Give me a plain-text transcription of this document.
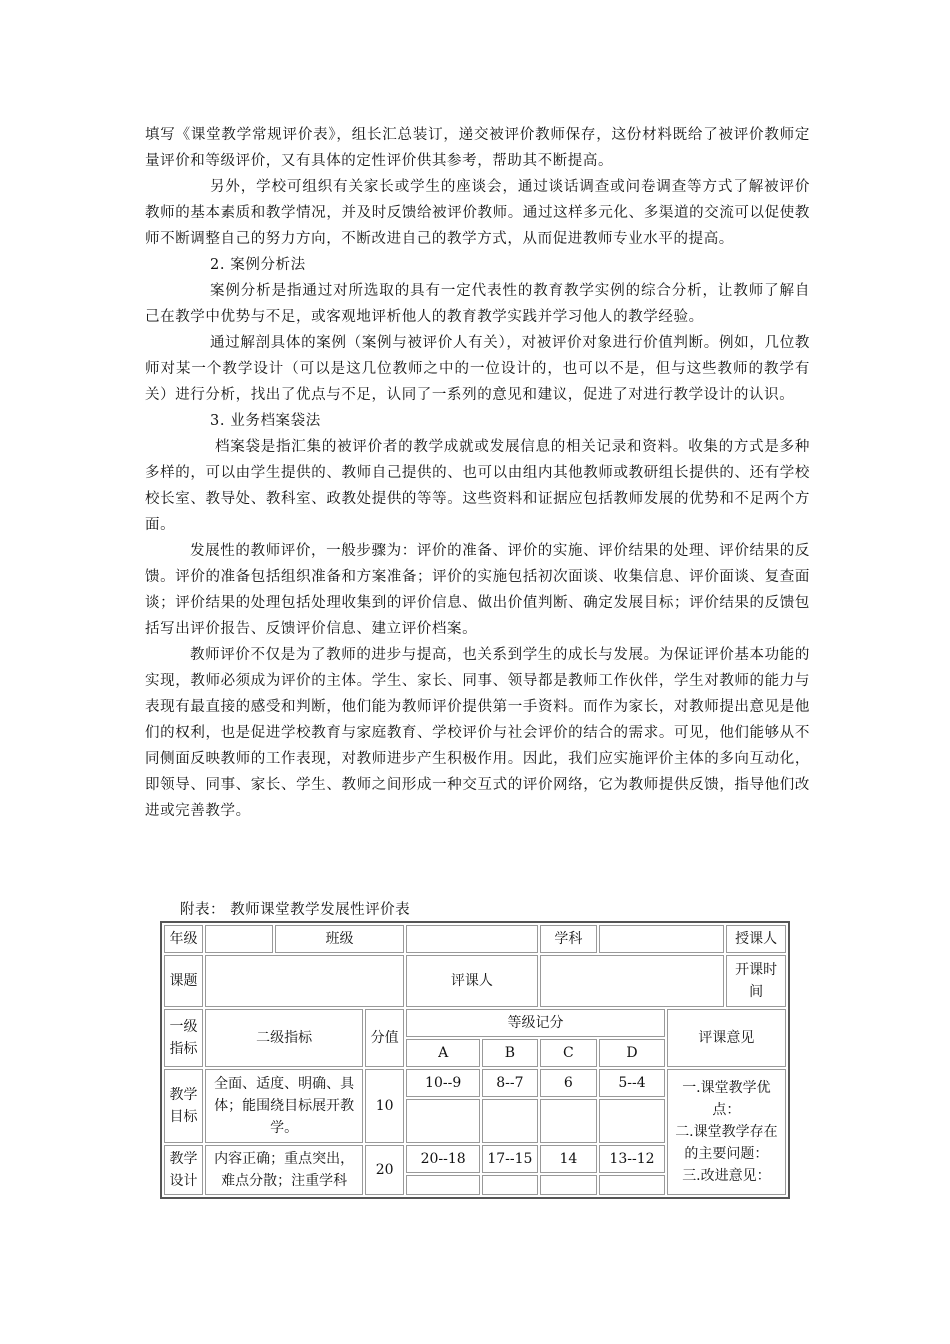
填写《课堂教学常规评价表》，组长汇总装订，递交被评价教师保存，这份材料既给了被评价教师定量评价和等级评价，又有具体的定性评价供其参考，帮助其不断提高。

另外，学校可组织有关家长或学生的座谈会，通过谈话调查或问卷调查等方式了解被评价教师的基本素质和教学情况，并及时反馈给被评价教师。通过这样多元化、多渠道的交流可以促使教师不断调整自己的努力方向，不断改进自己的教学方式，从而促进教师专业水平的提高。

2. 案例分析法

案例分析是指通过对所选取的具有一定代表性的教育教学实例的综合分析，让教师了解自己在教学中优势与不足，或客观地评析他人的教育教学实践并学习他人的教学经验。

通过解剖具体的案例（案例与被评价人有关），对被评价对象进行价值判断。例如，几位教师对某一个教学设计（可以是这几位教师之中的一位设计的，也可以不是，但与这些教师的教学有关）进行分析，找出了优点与不足，认同了一系列的意见和建议，促进了对进行教学设计的认识。

3. 业务档案袋法

档案袋是指汇集的被评价者的教学成就或发展信息的相关记录和资料。收集的方式是多种多样的，可以由学生提供的、教师自己提供的、也可以由组内其他教师或教研组长提供的、还有学校校长室、教导处、教科室、政教处提供的等等。这些资料和证据应包括教师发展的优势和不足两个方面。

发展性的教师评价，一般步骤为：评价的准备、评价的实施、评价结果的处理、评价结果的反馈。评价的准备包括组织准备和方案准备；评价的实施包括初次面谈、收集信息、评价面谈、复查面谈；评价结果的处理包括处理收集到的评价信息、做出价值判断、确定发展目标；评价结果的反馈包括写出评价报告、反馈评价信息、建立评价档案。

教师评价不仅是为了教师的进步与提高，也关系到学生的成长与发展。为保证评价基本功能的实现，教师必须成为评价的主体。学生、家长、同事、领导都是教师工作伙伴，学生对教师的能力与表现有最直接的感受和判断，他们能为教师评价提供第一手资料。而作为家长，对教师提出意见是他们的权利，也是促进学校教育与家庭教育、学校评价与社会评价的结合的需求。可见，他们能够从不同侧面反映教师的工作表现，对教师进步产生积极作用。因此，我们应实施评价主体的多向互动化，即领导、同事、家长、学生、教师之间形成一种交互式的评价网络，它为教师提供反馈，指导他们改进或完善教学。

附表： 教师课堂教学发展性评价表
年级		班级				学科			授课人
课题				评课人					开课时间
一级指标	二级指标		分值	等级记分				评课意见	
				A	B	C	D		
教学目标	全面、适度、明确、具体；能围绕目标展开教学。		10	10--9	8--7	6	5--4	一.课堂教学优点：
二.课堂教学存在的主要问题：
三.改进意见：	

教学设计	内容正确；重点突出，难点分散；注重学科		20	20--18	17--15	14	13--12		
